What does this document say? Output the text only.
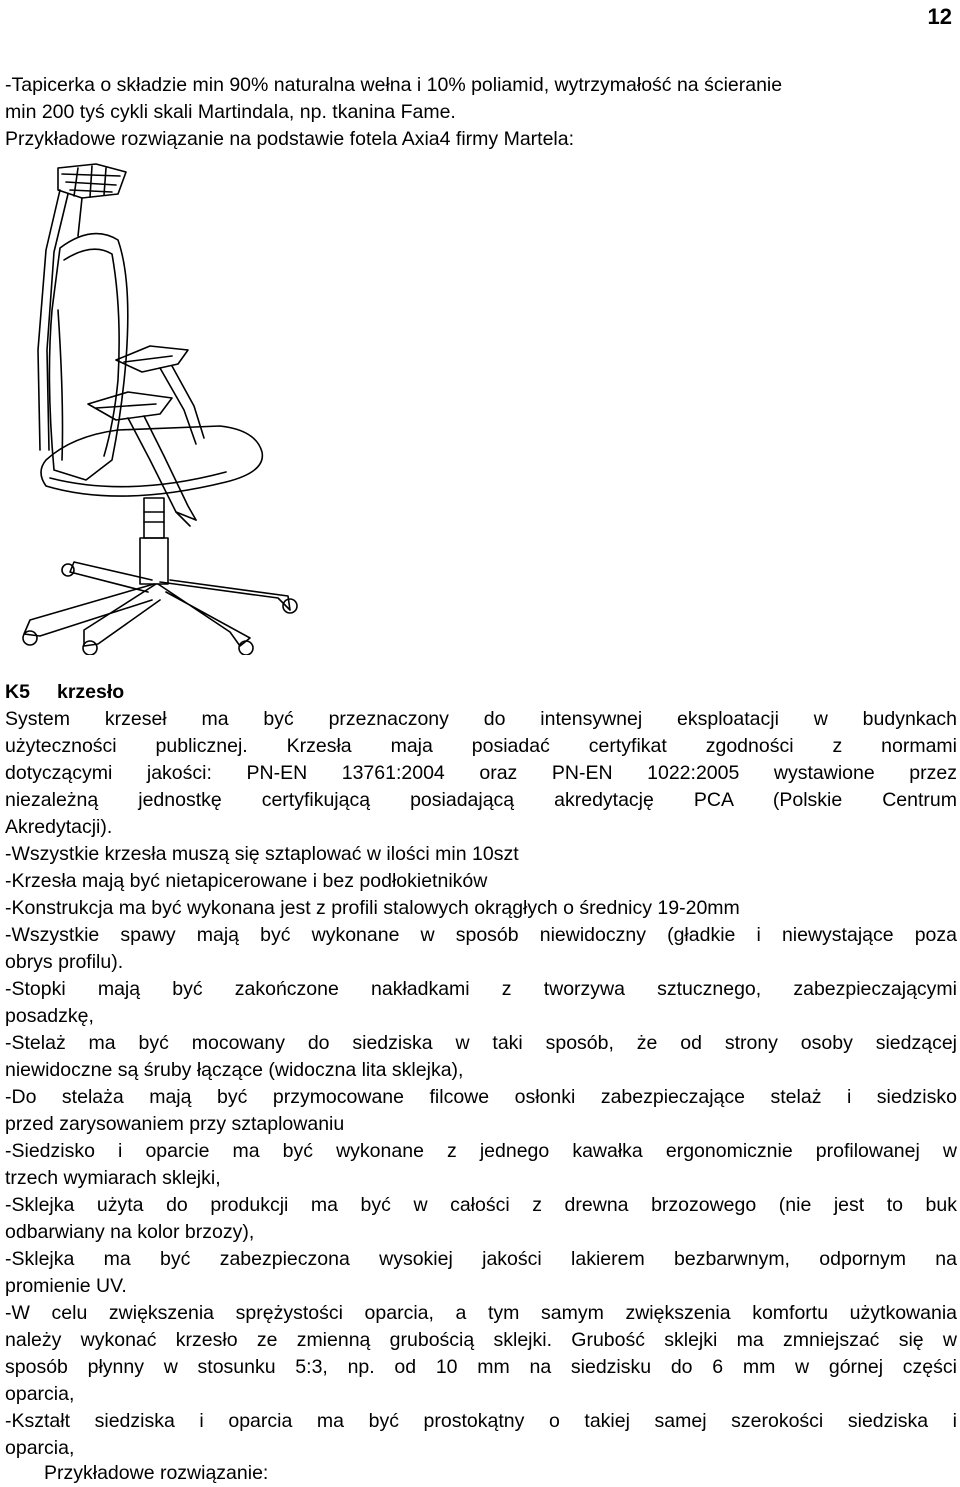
12
-Tapicerka o składzie min 90% naturalna wełna i 10% poliamid, wytrzymałość na ścieranie
min 200 tyś cykli skali Martindala, np. tkanina Fame.
Przykładowe rozwiązanie na podstawie fotela Axia4 firmy Martela:
K5 krzesło
System krzeseł ma być przeznaczony do intensywnej eksploatacji w budynkach
użyteczności publicznej. Krzesła maja posiadać certyfikat zgodności z normami
dotyczącymi jakości: PN-EN 13761:2004 oraz PN-EN 1022:2005 wystawione przez
niezależną jednostkę certyfikującą posiadającą akredytację PCA (Polskie Centrum
Akredytacji).
-Wszystkie krzesła muszą się sztaplować w ilości min 10szt
-Krzesła mają być nietapicerowane i bez podłokietników
-Konstrukcja ma być wykonana jest z profili stalowych okrągłych o średnicy 19-20mm
-Wszystkie spawy mają być wykonane w sposób niewidoczny (gładkie i niewystające poza
obrys profilu).
-Stopki mają być zakończone nakładkami z tworzywa sztucznego, zabezpieczającymi
posadzkę,
-Stelaż ma być mocowany do siedziska w taki sposób, że od strony osoby siedzącej
niewidoczne są śruby łączące (widoczna lita sklejka),
-Do stelaża mają być przymocowane filcowe osłonki zabezpieczające stelaż i siedzisko
przed zarysowaniem przy sztaplowaniu
-Siedzisko i oparcie ma być wykonane z jednego kawałka ergonomicznie profilowanej w
trzech wymiarach sklejki,
-Sklejka użyta do produkcji ma być w całości z drewna brzozowego (nie jest to buk
odbarwiany na kolor brzozy),
-Sklejka ma być zabezpieczona wysokiej jakości lakierem bezbarwnym, odpornym na
promienie UV.
-W celu zwiększenia sprężystości oparcia, a tym samym zwiększenia komfortu użytkowania
należy wykonać krzesło ze zmienną grubością sklejki. Grubość sklejki ma zmniejszać się w
sposób płynny w stosunku 5:3, np. od 10 mm na siedzisku do 6 mm w górnej części
oparcia,
-Kształt siedziska i oparcia ma być prostokątny o takiej samej szerokości siedziska i
oparcia,
Przykładowe rozwiązanie:
